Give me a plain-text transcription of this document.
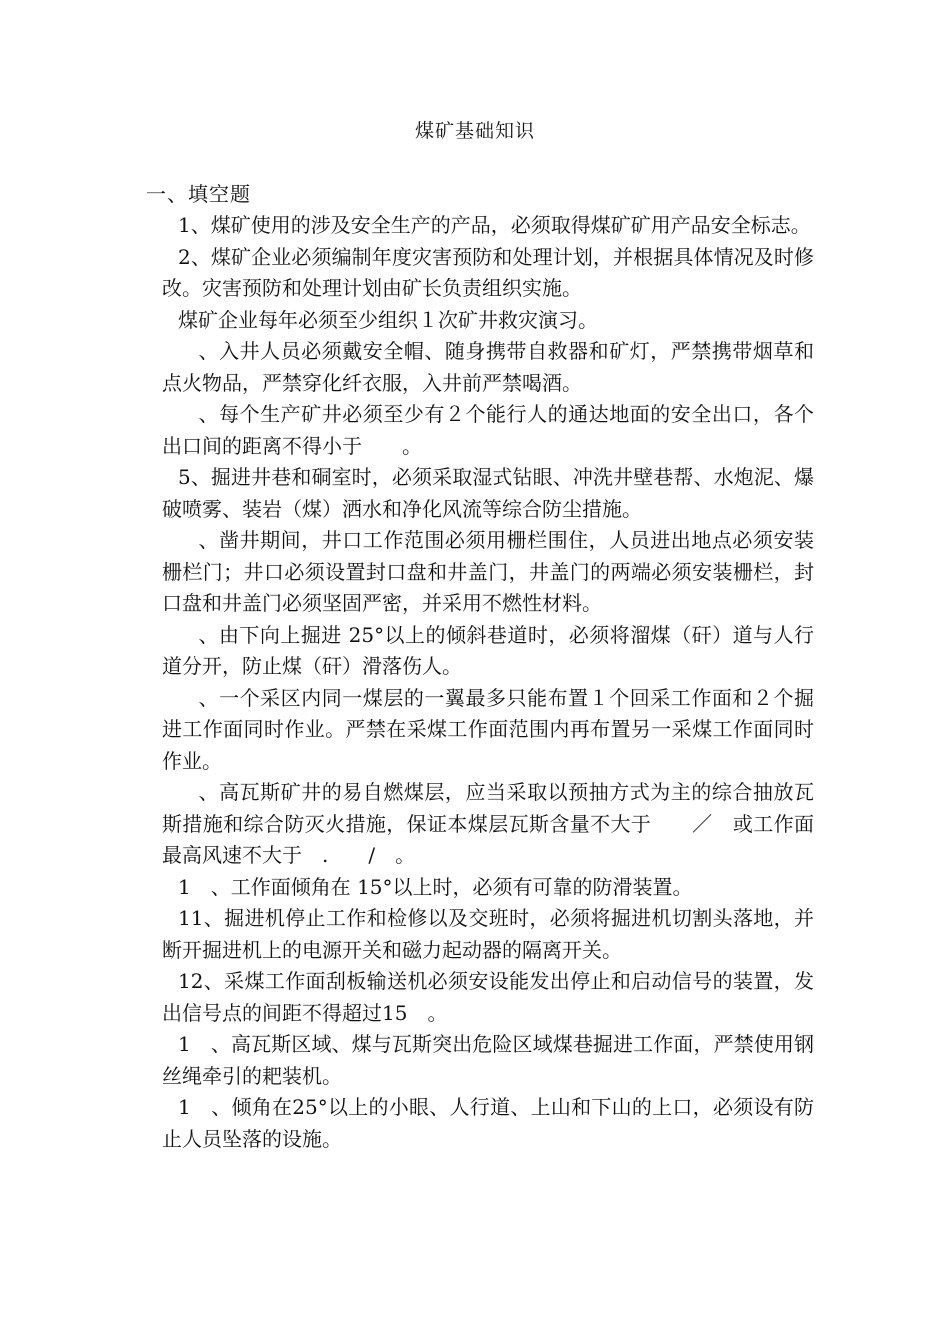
煤矿基础知识
一、填空题

1、煤矿使用的涉及安全生产的产品，必须取得煤矿矿用产品安全标志。

2、煤矿企业必须编制年度灾害预防和处理计划，并根据具体情况及时修改。灾害预防和处理计划由矿长负责组织实施。

煤矿企业每年必须至少组织１次矿井救灾演习。

　、入井人员必须戴安全帽、随身携带自救器和矿灯，严禁携带烟草和点火物品，严禁穿化纤衣服，入井前严禁喝酒。

　、每个生产矿井必须至少有２个能行人的通达地面的安全出口，各个出口间的距离不得小于　　。

5、掘进井巷和硐室时，必须采取湿式钻眼、冲洗井壁巷帮、水炮泥、爆破喷雾、装岩（煤）洒水和净化风流等综合防尘措施。

　、凿井期间，井口工作范围必须用栅栏围住，人员进出地点必须安装栅栏门；井口必须设置封口盘和井盖门，井盖门的两端必须安装栅栏，封口盘和井盖门必须坚固严密，并采用不燃性材料。

　、由下向上掘进 25°以上的倾斜巷道时，必须将溜煤（矸）道与人行道分开，防止煤（矸）滑落伤人。

　、一个采区内同一煤层的一翼最多只能布置１个回采工作面和２个掘进工作面同时作业。严禁在采煤工作面范围内再布置另一采煤工作面同时作业。

　、高瓦斯矿井的易自燃煤层，应当采取以预抽方式为主的综合抽放瓦斯措施和综合防灭火措施，保证本煤层瓦斯含量不大于　　／　或工作面最高风速不大于　.　　/　。

1　、工作面倾角在 15°以上时，必须有可靠的防滑装置。

11、掘进机停止工作和检修以及交班时，必须将掘进机切割头落地，并断开掘进机上的电源开关和磁力起动器的隔离开关。

12、采煤工作面刮板输送机必须安设能发出停止和启动信号的装置，发出信号点的间距不得超过15　。

1　、高瓦斯区域、煤与瓦斯突出危险区域煤巷掘进工作面，严禁使用钢丝绳牵引的耙装机。

1　、倾角在25°以上的小眼、人行道、上山和下山的上口，必须设有防止人员坠落的设施。
